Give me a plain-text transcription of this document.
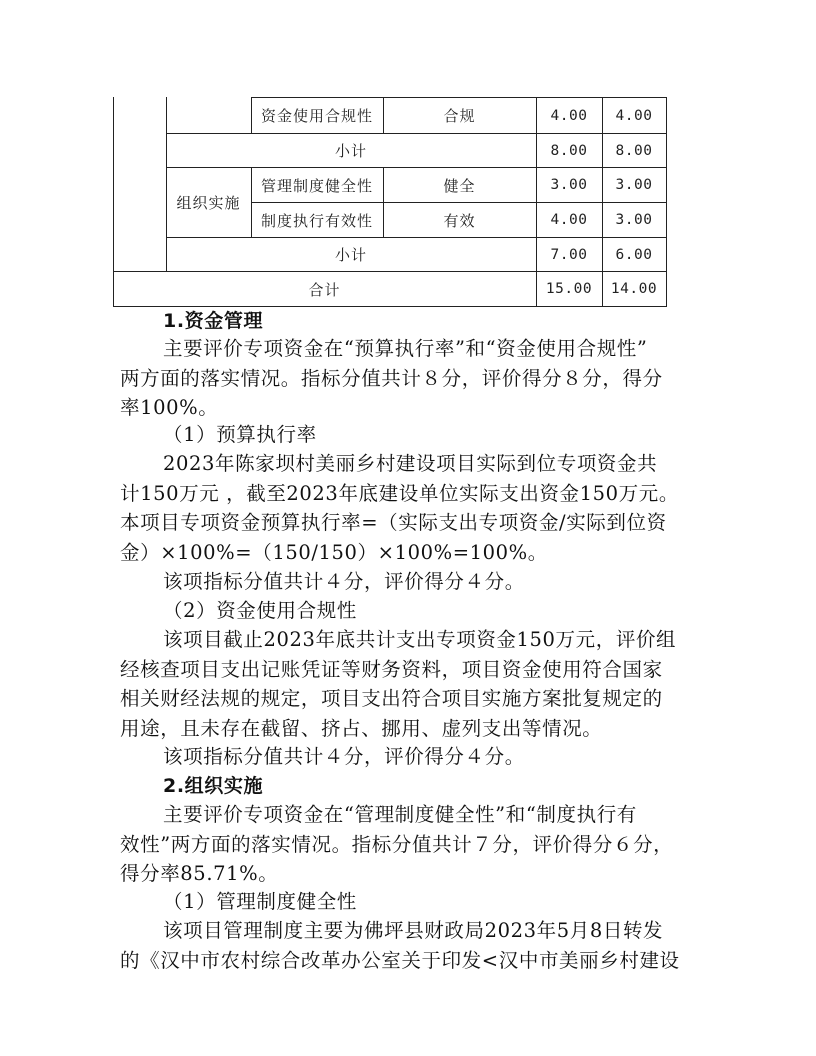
资金使用合规性	合规	4.00	4.00
小计	8.00	8.00
组织实施
管理制度健全性	健全	3.00	3.00
制度执行有效性	有效	4.00	3.00
小计	7.00	6.00
合计	15.00	14.00
1.资金管理
主要评价专项资金在“预算执行率”和“资金使用合规性”
两方面的落实情况。指标分值共计８分，评价得分８分，得分
率100%。
（1）预算执行率
2023年陈家坝村美丽乡村建设项目实际到位专项资金共
计150万元 ，截至2023年底建设单位实际支出资金150万元。
本项目专项资金预算执行率=（实际支出专项资金/实际到位资
金）×100%=（150/150）×100%=100%。
该项指标分值共计４分，评价得分４分。
（2）资金使用合规性
该项目截止2023年底共计支出专项资金150万元，评价组
经核查项目支出记账凭证等财务资料，项目资金使用符合国家
相关财经法规的规定，项目支出符合项目实施方案批复规定的
用途，且未存在截留、挤占、挪用、虚列支出等情况。
该项指标分值共计４分，评价得分４分。
2.组织实施
主要评价专项资金在“管理制度健全性”和“制度执行有
效性”两方面的落实情况。指标分值共计７分，评价得分６分，
得分率85.71%。
（1）管理制度健全性
该项目管理制度主要为佛坪县财政局2023年5月8日转发
的《汉中市农村综合改革办公室关于印发<汉中市美丽乡村建设
